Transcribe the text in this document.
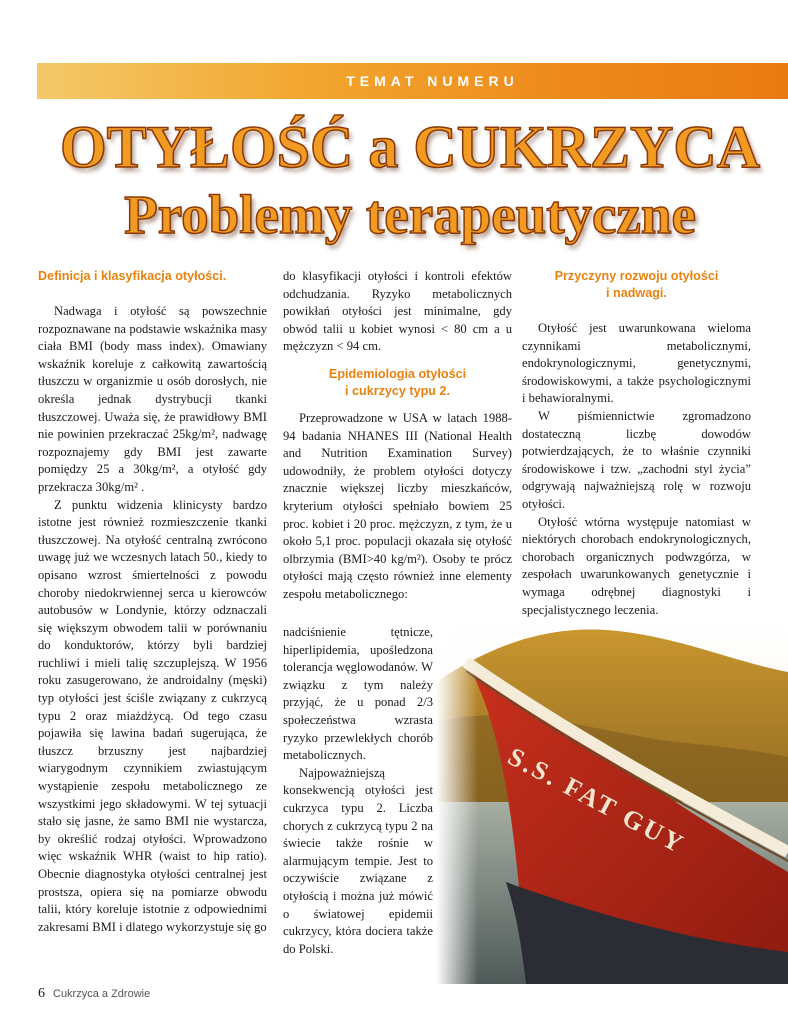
TEMAT NUMERU
OTYŁOŚĆ a CUKRZYCA
Problemy terapeutyczne
Definicja i klasyfikacja otyłości.

Nadwaga i otyłość są powszechnie rozpoznawane na podstawie wskaźnika masy ciała BMI (body mass index). Omawiany wskaźnik koreluje z całkowitą zawartością tłuszczu w organizmie u osób dorosłych, nie określa jednak dystrybucji tkanki tłuszczowej. Uważa się, że prawidłowy BMI nie powinien przekraczać 25kg/m², nadwagę rozpoznajemy gdy BMI jest zawarte pomiędzy 25 a 30kg/m², a otyłość gdy przekracza 30kg/m² .

Z punktu widzenia klinicysty bardzo istotne jest również rozmieszczenie tkanki tłuszczowej. Na otyłość centralną zwrócono uwagę już we wczesnych latach 50., kiedy to opisano wzrost śmiertelności z powodu choroby niedokrwiennej serca u kierowców autobusów w Londynie, którzy odznaczali się większym obwodem talii w porównaniu do konduktorów, którzy byli bardziej ruchliwi i mieli talię szczuplejszą. W 1956 roku zasugerowano, że androidalny (męski) typ otyłości jest ściśle związany z cukrzycą typu 2 oraz miażdżycą. Od tego czasu pojawiła się lawina badań sugerująca, że tłuszcz brzuszny jest najbardziej wiarygodnym czynnikiem zwiastującym wystąpienie zespołu metabolicznego ze wszystkimi jego składowymi. W tej sytuacji stało się jasne, że samo BMI nie wystarcza, by określić rodzaj otyłości. Wprowadzono więc wskaźnik WHR (waist to hip ratio). Obecnie diagnostyka otyłości centralnej jest prostsza, opiera się na pomiarze obwodu talii, który koreluje istotnie z odpowiednimi zakresami BMI i dlatego wykorzystuje się go

do klasyfikacji otyłości i kontroli efektów odchudzania. Ryzyko metabolicznych powikłań otyłości jest minimalne, gdy obwód talii u kobiet wynosi < 80 cm a u mężczyzn < 94 cm.

Epidemiologia otyłości
i cukrzycy typu 2.

Przeprowadzone w USA w latach 1988-94 badania NHANES III (National Health and Nutrition Examination Survey) udowodniły, że problem otyłości dotyczy znacznie większej liczby mieszkańców, kryterium otyłości spełniało bowiem 25 proc. kobiet i 20 proc. mężczyzn, z tym, że u około 5,1 proc. populacji okazała się otyłość olbrzymia (BMI>40 kg/m²). Osoby te prócz otyłości mają często również inne elementy zespołu metabolicznego:

nadciśnienie tętnicze, hiperlipidemia, upośledzona tolerancja węglowodanów. W związku z tym należy przyjąć, że u ponad 2/3 społeczeństwa wzrasta ryzyko przewlekłych chorób metabolicznych.

Najpoważniejszą konsekwencją otyłości jest cukrzyca typu 2. Liczba chorych z cukrzycą typu 2 na świecie także rośnie w alarmującym tempie. Jest to oczywiście związane z otyłością i można już mówić o światowej epidemii cukrzycy, która dociera także do Polski.

Przyczyny rozwoju otyłości
i nadwagi.

Otyłość jest uwarunkowana wieloma czynnikami metabolicznymi, endokrynologicznymi, genetycznymi, środowiskowymi, a także psychologicznymi i behawioralnymi.

W piśmiennictwie zgromadzono dostateczną liczbę dowodów potwierdzających, że to właśnie czynniki środowiskowe i tzw. „zachodni styl życia” odgrywają najważniejszą rolę w rozwoju otyłości.

Otyłość wtórna występuje natomiast w niektórych chorobach endokrynologicznych, chorobach organicznych podwzgórza, w zespołach uwarunkowanych genetycznie i wymaga odrębnej diagnostyki i specjalistycznego leczenia.

6 Cukrzyca a Zdrowie
